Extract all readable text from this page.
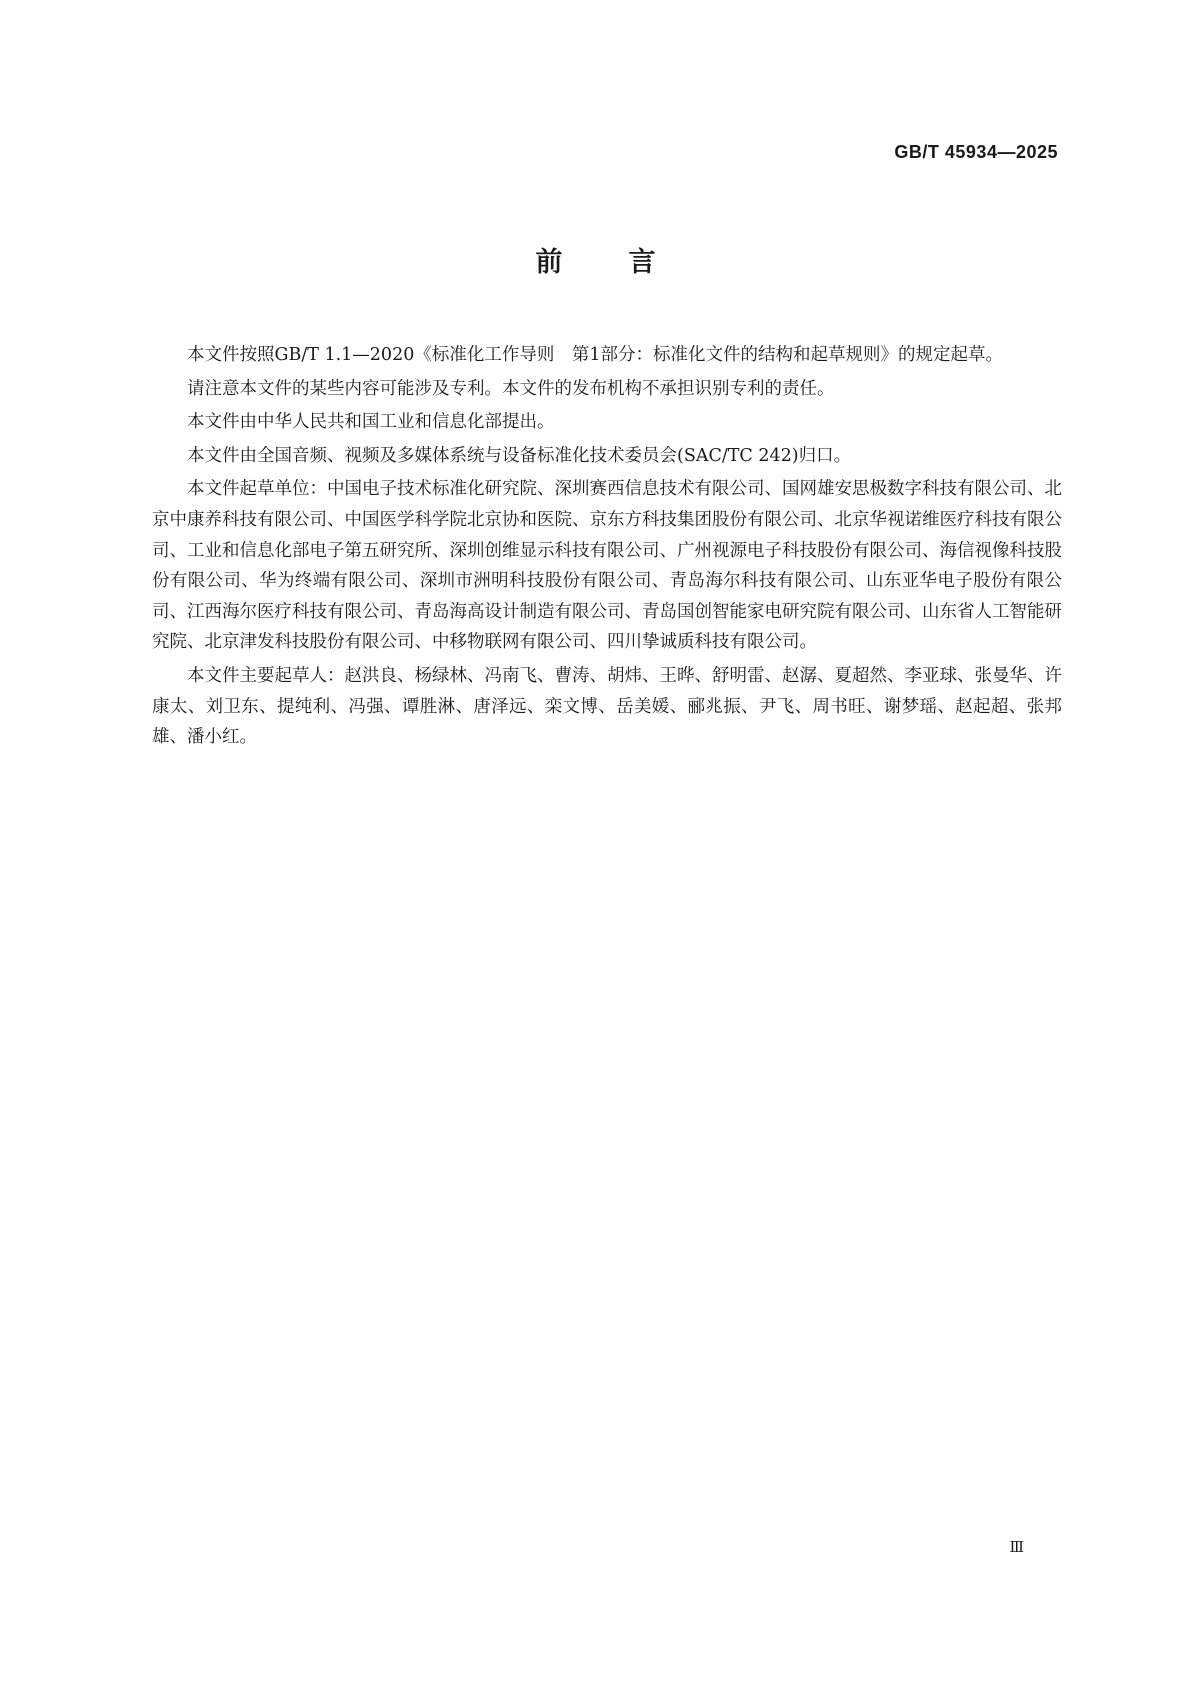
GB/T 45934—2025
前言

本文件按照GB/T 1.1—2020《标准化工作导则　第1部分：标准化文件的结构和起草规则》的规定起草。

请注意本文件的某些内容可能涉及专利。本文件的发布机构不承担识别专利的责任。

本文件由中华人民共和国工业和信息化部提出。

本文件由全国音频、视频及多媒体系统与设备标准化技术委员会(SAC/TC 242)归口。

本文件起草单位：中国电子技术标准化研究院、深圳赛西信息技术有限公司、国网雄安思极数字科技有限公司、北京中康养科技有限公司、中国医学科学院北京协和医院、京东方科技集团股份有限公司、北京华视诺维医疗科技有限公司、工业和信息化部电子第五研究所、深圳创维显示科技有限公司、广州视源电子科技股份有限公司、海信视像科技股份有限公司、华为终端有限公司、深圳市洲明科技股份有限公司、青岛海尔科技有限公司、山东亚华电子股份有限公司、江西海尔医疗科技有限公司、青岛海高设计制造有限公司、青岛国创智能家电研究院有限公司、山东省人工智能研究院、北京津发科技股份有限公司、中移物联网有限公司、四川挚诚质科技有限公司。

本文件主要起草人：赵洪良、杨绿林、冯南飞、曹涛、胡炜、王晔、舒明雷、赵潺、夏超然、李亚球、张曼华、许康太、刘卫东、提纯利、冯强、谭胜淋、唐泽远、栾文博、岳美媛、郦兆振、尹飞、周书旺、谢梦瑶、赵起超、张邦雄、潘小红。

Ⅲ
